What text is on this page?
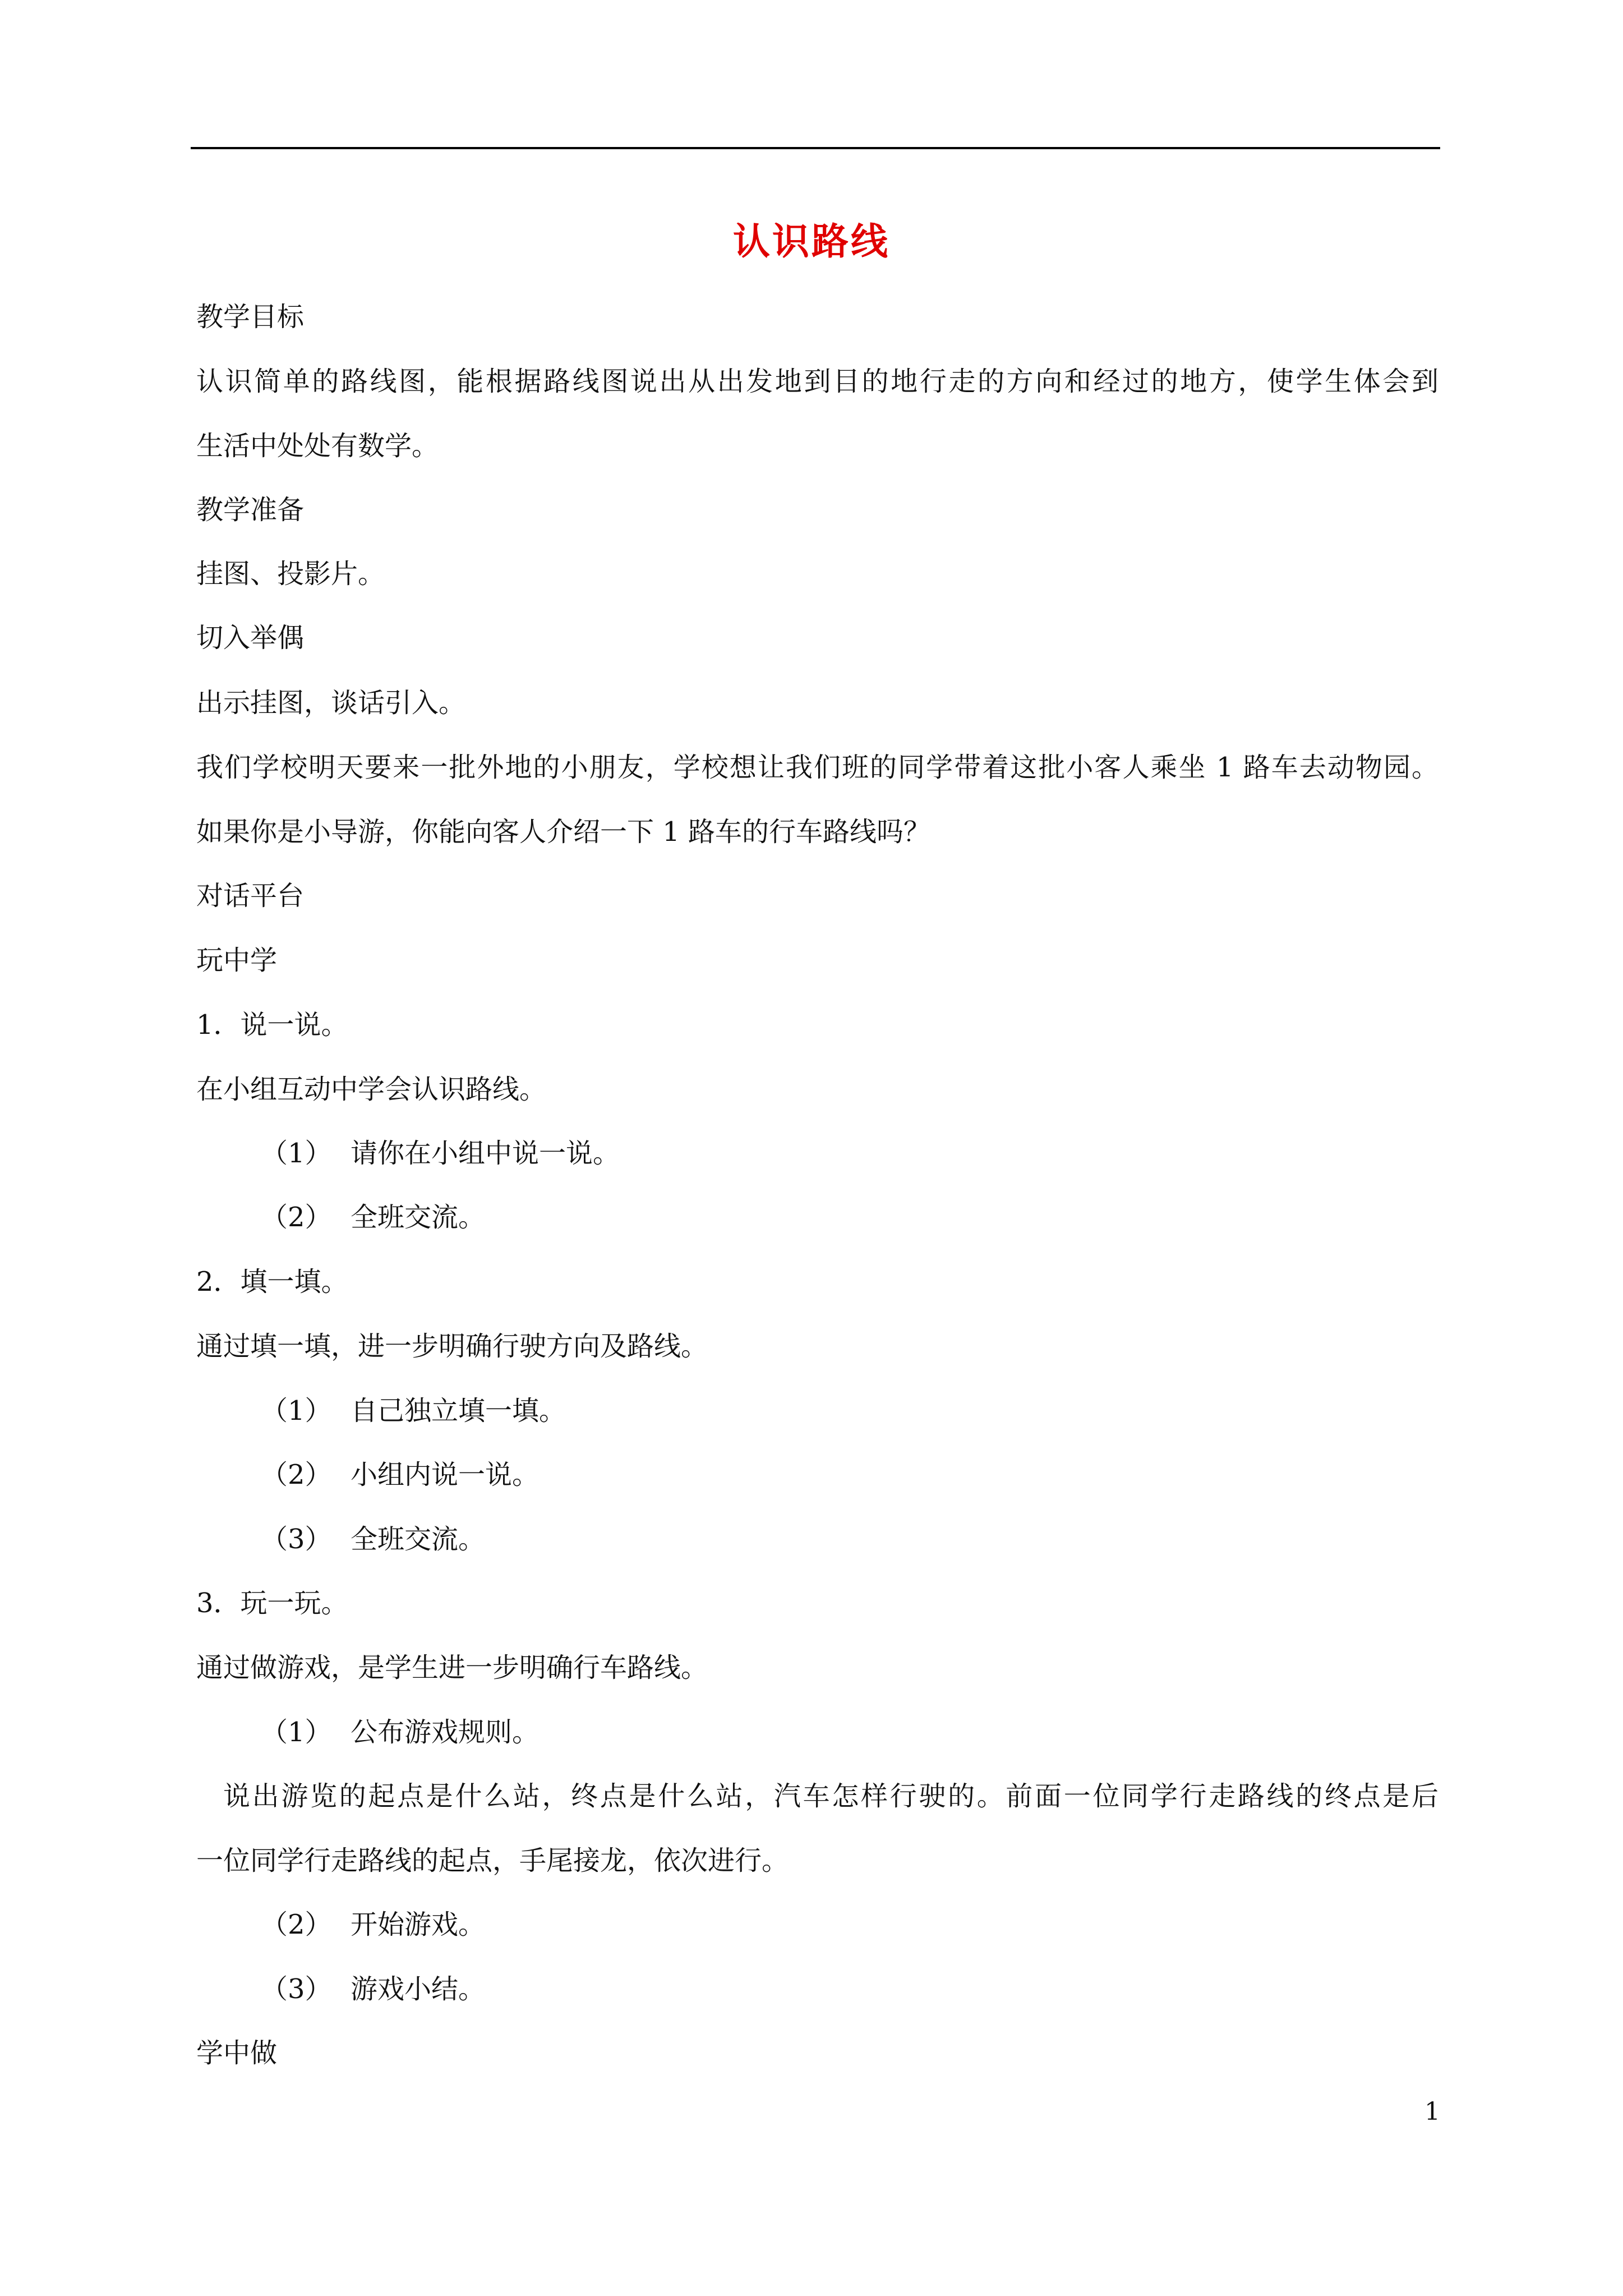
认识路线
教学目标
认识简单的路线图，能根据路线图说出从出发地到目的地行走的方向和经过的地方，使学生体会到
生活中处处有数学。
教学准备
挂图、投影片。
切入举偶
出示挂图，谈话引入。
我们学校明天要来一批外地的小朋友，学校想让我们班的同学带着这批小客人乘坐 1 路车去动物园。
如果你是小导游，你能向客人介绍一下 1 路车的行车路线吗？
对话平台
玩中学
1．说一说。
在小组互动中学会认识路线。
（1） 请你在小组中说一说。
（2） 全班交流。
2．填一填。
通过填一填，进一步明确行驶方向及路线。
（1） 自己独立填一填。
（2） 小组内说一说。
（3） 全班交流。
3．玩一玩。
通过做游戏，是学生进一步明确行车路线。
（1） 公布游戏规则。
说出游览的起点是什么站，终点是什么站，汽车怎样行驶的。前面一位同学行走路线的终点是后
一位同学行走路线的起点，手尾接龙，依次进行。
（2） 开始游戏。
（3） 游戏小结。
学中做
1
